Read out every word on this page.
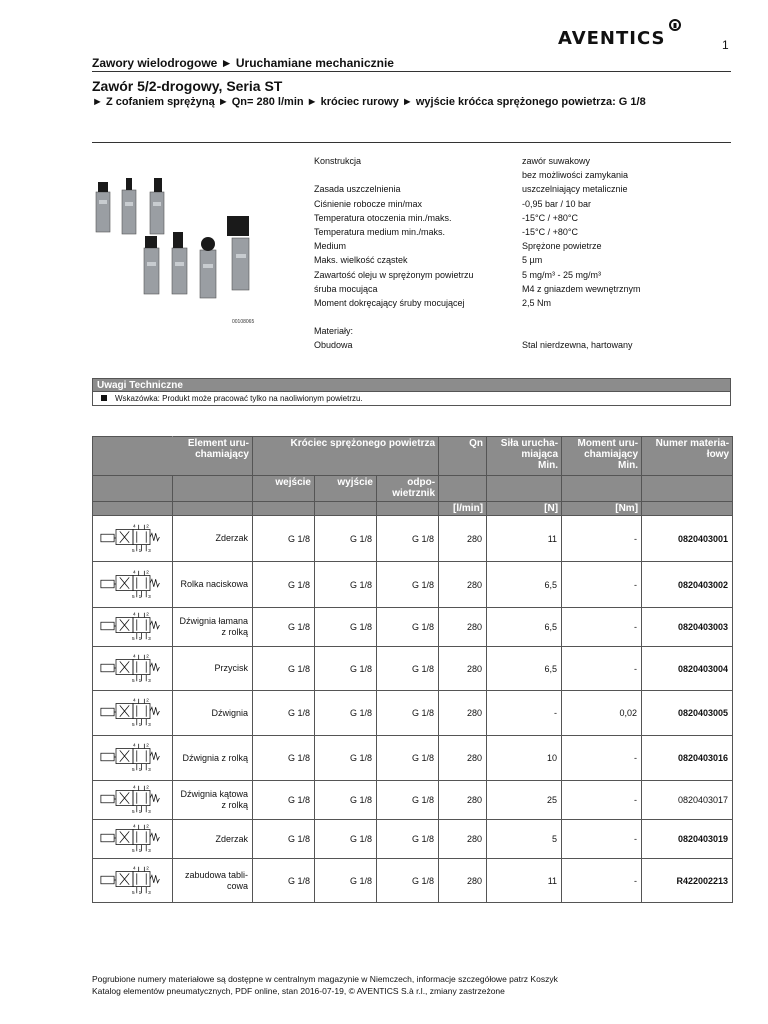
AVENTICS	1
Zawory wielodrogowe ► Uruchamiane mechanicznie
Zawór 5/2-drogowy, Seria ST
► Z cofaniem sprężyną ► Qn= 280 l/min ► króciec rurowy ► wyjście króćca sprężonego powietrza: G 1/8
00108065
Konstrukcja	zawór suwakowy
bez możliwości zamykania
Zasada uszczelnienia	uszczelniający metalicznie
Ciśnienie robocze min/max	-0,95 bar / 10 bar
Temperatura otoczenia min./maks.	-15°C / +80°C
Temperatura medium min./maks.	-15°C / +80°C
Medium	Sprężone powietrze
Maks. wielkość cząstek	5 µm
Zawartość oleju w sprężonym powietrzu	5 mg/m³ - 25 mg/m³
śruba mocująca	M4 z gniazdem wewnętrznym
Moment dokręcający śruby mocującej	2,5 Nm
Materiały:
Obudowa	Stal nierdzewna, hartowany
Uwagi Techniczne
Wskazówka: Produkt może pracować tylko na naoliwionym powietrzu.
	Element uru-
chamiający	Króciec sprężonego powietrza			Qn	Siła urucha-
miająca
Min.	Moment uru-
chamiający
Min.	Numer materia-
łowy
		wejście	wyjście	odpo-
wietrznik				
					[l/min]	[N]	[Nm]	

4 2
5 1 3	Zderzak	G 1/8	G 1/8	G 1/8	280	11	-	0820403001

4 2
5 1 3	Rolka naciskowa	G 1/8	G 1/8	G 1/8	280	6,5	-	0820403002

4 2
5 1 3	Dźwignia łamana
z rolką	G 1/8	G 1/8	G 1/8	280	6,5	-	0820403003

4 2
5 1 3	Przycisk	G 1/8	G 1/8	G 1/8	280	6,5	-	0820403004

4 2
5 1 3	Dźwignia	G 1/8	G 1/8	G 1/8	280	-	0,02	0820403005

4 2
5 1 3	Dźwignia z rolką	G 1/8	G 1/8	G 1/8	280	10	-	0820403016

4 2
5 1 3	Dźwignia kątowa
z rolką	G 1/8	G 1/8	G 1/8	280	25	-	0820403017

4 2
5 1 3	Zderzak	G 1/8	G 1/8	G 1/8	280	5	-	0820403019

4 2
5 1 3	zabudowa tabli-
cowa	G 1/8	G 1/8	G 1/8	280	11	-	R422002213
Pogrubione numery materiałowe są dostępne w centralnym magazynie w Niemczech, informacje szczegółowe patrz Koszyk
Katalog elementów pneumatycznych, PDF online, stan 2016-07-19, © AVENTICS S.à r.l., zmiany zastrzeżone
